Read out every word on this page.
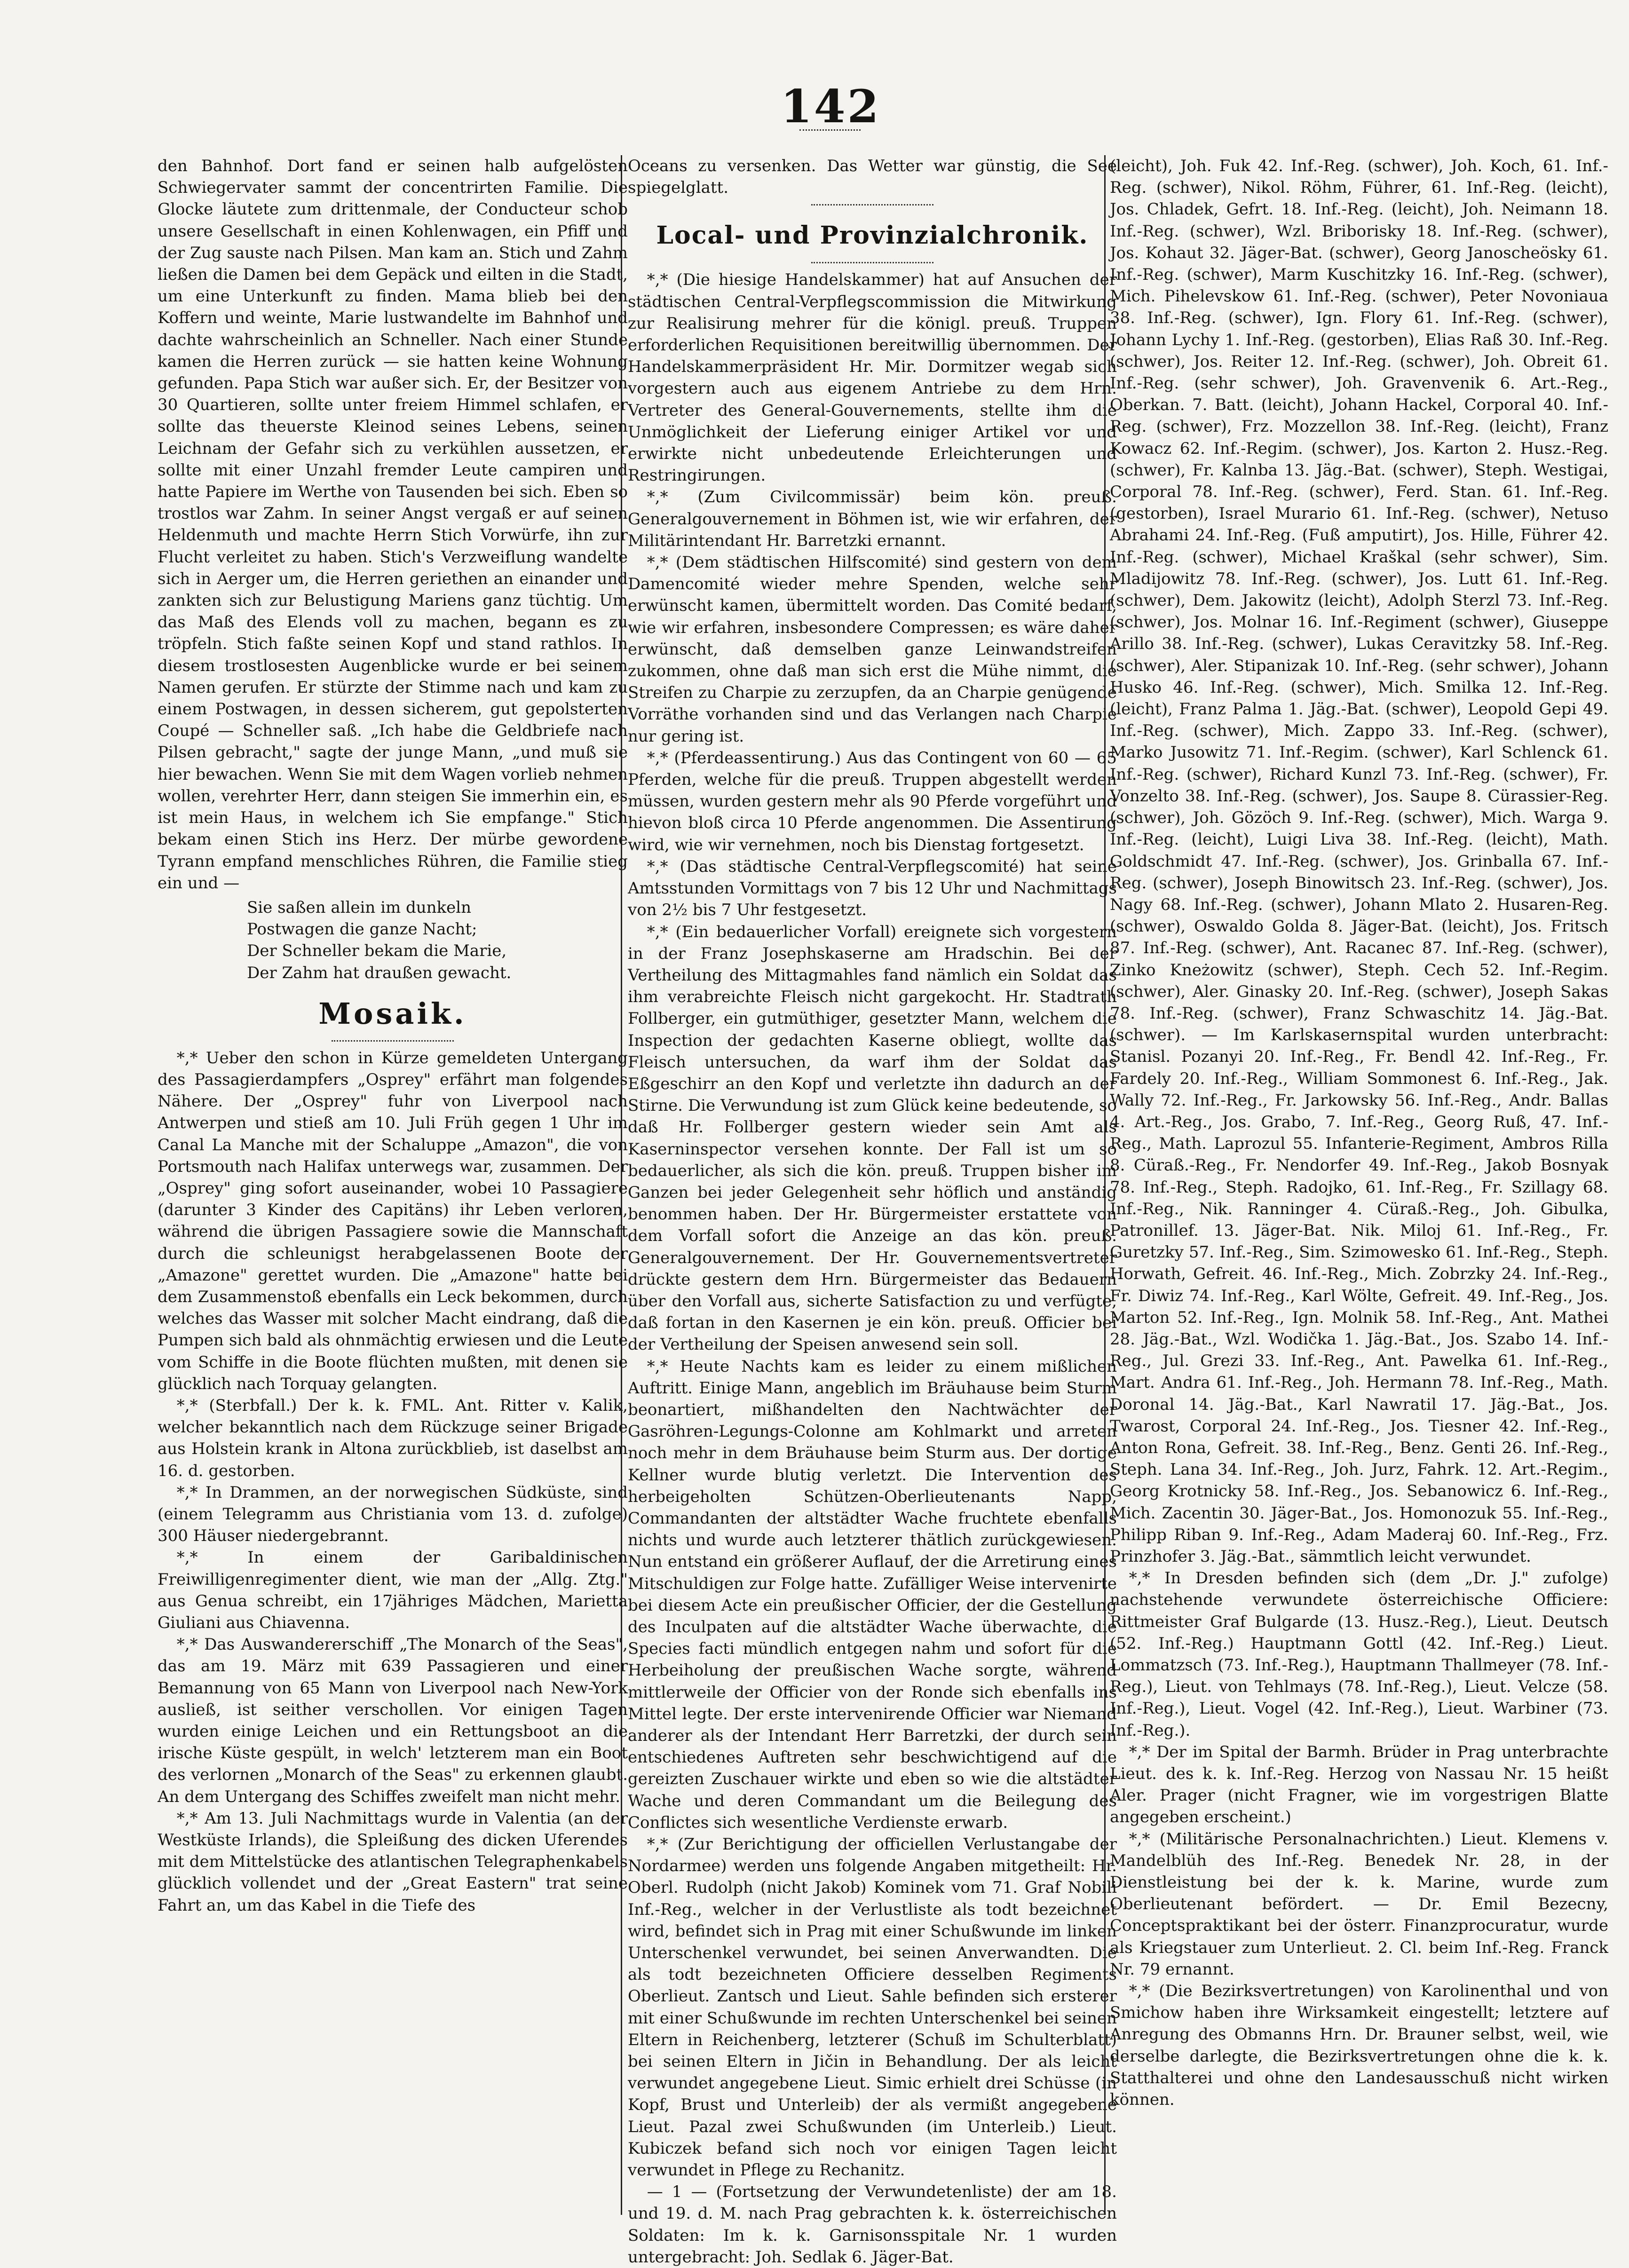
142

den Bahnhof. Dort fand er seinen halb aufgelösten Schwiegervater sammt der concentrirten Familie. Die Glocke läutete zum drittenmale, der Conducteur schob unsere Gesellschaft in einen Kohlenwagen, ein Pfiff und der Zug sauste nach Pilsen. Man kam an. Stich und Zahm ließen die Damen bei dem Gepäck und eilten in die Stadt, um eine Unterkunft zu finden. Mama blieb bei den Koffern und weinte, Marie lustwandelte im Bahnhof und dachte wahrscheinlich an Schneller. Nach einer Stunde kamen die Herren zurück — sie hatten keine Wohnung gefunden. Papa Stich war außer sich. Er, der Besitzer von 30 Quartieren, sollte unter freiem Himmel schlafen, er sollte das theuerste Kleinod seines Lebens, seinen Leichnam der Gefahr sich zu verkühlen aussetzen, er sollte mit einer Unzahl fremder Leute campiren und hatte Papiere im Werthe von Tausenden bei sich. Eben so trostlos war Zahm. In seiner Angst vergaß er auf seinen Heldenmuth und machte Herrn Stich Vorwürfe, ihn zur Flucht verleitet zu haben. Stich's Verzweiflung wandelte sich in Aerger um, die Herren geriethen an einander und zankten sich zur Belustigung Mariens ganz tüchtig. Um das Maß des Elends voll zu machen, begann es zu tröpfeln. Stich faßte seinen Kopf und stand rathlos. In diesem trostlosesten Augenblicke wurde er bei seinem Namen gerufen. Er stürzte der Stimme nach und kam zu einem Postwagen, in dessen sicherem, gut gepolsterten Coupé — Schneller saß. „Ich habe die Geldbriefe nach Pilsen gebracht," sagte der junge Mann, „und muß sie hier bewachen. Wenn Sie mit dem Wagen vorlieb nehmen wollen, verehrter Herr, dann steigen Sie immerhin ein, es ist mein Haus, in welchem ich Sie empfange." Stich bekam einen Stich ins Herz. Der mürbe gewordene Tyrann empfand menschliches Rühren, die Familie stieg ein und —

Sie saßen allein im dunkeln

Postwagen die ganze Nacht;

Der Schneller bekam die Marie,

Der Zahm hat draußen gewacht.

Mosaik.

*,* Ueber den schon in Kürze gemeldeten Untergang des Passagierdampfers „Osprey" erfährt man folgendes Nähere. Der „Osprey" fuhr von Liverpool nach Antwerpen und stieß am 10. Juli Früh gegen 1 Uhr im Canal La Manche mit der Schaluppe „Amazon", die von Portsmouth nach Halifax unterwegs war, zusammen. Der „Osprey" ging sofort auseinander, wobei 10 Passagiere (darunter 3 Kinder des Capitäns) ihr Leben verloren, während die übrigen Passagiere sowie die Mannschaft durch die schleunigst herabgelassenen Boote der „Amazone" gerettet wurden. Die „Amazone" hatte bei dem Zusammenstoß ebenfalls ein Leck bekommen, durch welches das Wasser mit solcher Macht eindrang, daß die Pumpen sich bald als ohnmächtig erwiesen und die Leute vom Schiffe in die Boote flüchten mußten, mit denen sie glücklich nach Torquay gelangten.

*,* (Sterbfall.) Der k. k. FML. Ant. Ritter v. Kalik, welcher bekanntlich nach dem Rückzuge seiner Brigade aus Holstein krank in Altona zurückblieb, ist daselbst am 16. d. gestorben.

*,* In Drammen, an der norwegischen Südküste, sind (einem Telegramm aus Christiania vom 13. d. zufolge) 300 Häuser niedergebrannt.

*,* In einem der Garibaldinischen Freiwilligenregimenter dient, wie man der „Allg. Ztg." aus Genua schreibt, ein 17jähriges Mädchen, Marietta Giuliani aus Chiavenna.

*,* Das Auswandererschiff „The Monarch of the Seas", das am 19. März mit 639 Passagieren und einer Bemannung von 65 Mann von Liverpool nach New-York ausließ, ist seither verschollen. Vor einigen Tagen wurden einige Leichen und ein Rettungsboot an die irische Küste gespült, in welch' letzterem man ein Boot des verlornen „Monarch of the Seas" zu erkennen glaubt. An dem Untergang des Schiffes zweifelt man nicht mehr.

*,* Am 13. Juli Nachmittags wurde in Valentia (an der Westküste Irlands), die Spleißung des dicken Uferendes mit dem Mittelstücke des atlantischen Telegraphenkabels glücklich vollendet und der „Great Eastern" trat seine Fahrt an, um das Kabel in die Tiefe des

Oceans zu versenken. Das Wetter war günstig, die See spiegelglatt.

Local- und Provinzialchronik.

*,* (Die hiesige Handelskammer) hat auf Ansuchen der städtischen Central-Verpflegscommission die Mitwirkung zur Realisirung mehrer für die königl. preuß. Truppen erforderlichen Requisitionen bereitwillig übernommen. Der Handelskammerpräsident Hr. Mir. Dormitzer wegab sich vorgestern auch aus eigenem Antriebe zu dem Hrn. Vertreter des General-Gouvernements, stellte ihm die Unmöglichkeit der Lieferung einiger Artikel vor und erwirkte nicht unbedeutende Erleichterungen und Restringirungen.

*,* (Zum Civilcommissär) beim kön. preuß. Generalgouvernement in Böhmen ist, wie wir erfahren, der Militärintendant Hr. Barretzki ernannt.

*,* (Dem städtischen Hilfscomité) sind gestern von dem Damencomité wieder mehre Spenden, welche sehr erwünscht kamen, übermittelt worden. Das Comité bedarf, wie wir erfahren, insbesondere Compressen; es wäre daher erwünscht, daß demselben ganze Leinwandstreifen zukommen, ohne daß man sich erst die Mühe nimmt, die Streifen zu Charpie zu zerzupfen, da an Charpie genügende Vorräthe vorhanden sind und das Verlangen nach Charpie nur gering ist.

*,* (Pferdeassentirung.) Aus das Contingent von 60 — 65 Pferden, welche für die preuß. Truppen abgestellt werden müssen, wurden gestern mehr als 90 Pferde vorgeführt und hievon bloß circa 10 Pferde angenommen. Die Assentirung wird, wie wir vernehmen, noch bis Dienstag fortgesetzt.

*,* (Das städtische Central-Verpflegscomité) hat seine Amtsstunden Vormittags von 7 bis 12 Uhr und Nachmittags von 2½ bis 7 Uhr festgesetzt.

*,* (Ein bedauerlicher Vorfall) ereignete sich vorgestern in der Franz Josephskaserne am Hradschin. Bei der Vertheilung des Mittagmahles fand nämlich ein Soldat das ihm verabreichte Fleisch nicht gargekocht. Hr. Stadtrath Follberger, ein gutmüthiger, gesetzter Mann, welchem die Inspection der gedachten Kaserne obliegt, wollte das Fleisch untersuchen, da warf ihm der Soldat das Eßgeschirr an den Kopf und verletzte ihn dadurch an der Stirne. Die Verwundung ist zum Glück keine bedeutende, so daß Hr. Follberger gestern wieder sein Amt als Kaserninspector versehen konnte. Der Fall ist um so bedauerlicher, als sich die kön. preuß. Truppen bisher im Ganzen bei jeder Gelegenheit sehr höflich und anständig benommen haben. Der Hr. Bürgermeister erstattete von dem Vorfall sofort die Anzeige an das kön. preuß. Generalgouvernement. Der Hr. Gouvernementsvertreter drückte gestern dem Hrn. Bürgermeister das Bedauern über den Vorfall aus, sicherte Satisfaction zu und verfügte, daß fortan in den Kasernen je ein kön. preuß. Officier bei der Vertheilung der Speisen anwesend sein soll.

*,* Heute Nachts kam es leider zu einem mißlichen Auftritt. Einige Mann, angeblich im Bräuhause beim Sturm beonartiert, mißhandelten den Nachtwächter der Gasröhren-Legungs-Colonne am Kohlmarkt und arreten noch mehr in dem Bräuhause beim Sturm aus. Der dortige Kellner wurde blutig verletzt. Die Intervention des herbeigeholten Schützen-Oberlieutenants Napp, Commandanten der altstädter Wache fruchtete ebenfalls nichts und wurde auch letzterer thätlich zurückgewiesen. Nun entstand ein größerer Auflauf, der die Arretirung eines Mitschuldigen zur Folge hatte. Zufälliger Weise intervenirte bei diesem Acte ein preußischer Officier, der die Gestellung des Inculpaten auf die altstädter Wache überwachte, die Species facti mündlich entgegen nahm und sofort für die Herbeiholung der preußischen Wache sorgte, während mittlerweile der Officier von der Ronde sich ebenfalls ins Mittel legte. Der erste intervenirende Officier war Niemand anderer als der Intendant Herr Barretzki, der durch sein entschiedenes Auftreten sehr beschwichtigend auf die gereizten Zuschauer wirkte und eben so wie die altstädter Wache und deren Commandant um die Beilegung des Conflictes sich wesentliche Verdienste erwarb.

*,* (Zur Berichtigung der officiellen Verlustangabe der Nordarmee) werden uns folgende Angaben mitgetheilt: Hr. Oberl. Rudolph (nicht Jakob) Kominek vom 71. Graf Nobili Inf.-Reg., welcher in der Verlustliste als todt bezeichnet wird, befindet sich in Prag mit einer Schußwunde im linken Unterschenkel verwundet, bei seinen Anverwandten. Die als todt bezeichneten Officiere desselben Regiments Oberlieut. Zantsch und Lieut. Sahle befinden sich ersterer mit einer Schußwunde im rechten Unterschenkel bei seinen Eltern in Reichenberg, letzterer (Schuß im Schulterblatt) bei seinen Eltern in Jičin in Behandlung. Der als leicht verwundet angegebene Lieut. Simic erhielt drei Schüsse (in Kopf, Brust und Unterleib) der als vermißt angegebene Lieut. Pazal zwei Schußwunden (im Unterleib.) Lieut. Kubiczek befand sich noch vor einigen Tagen leicht verwundet in Pflege zu Rechanitz.

— 1 — (Fortsetzung der Verwundetenliste) der am 18. und 19. d. M. nach Prag gebrachten k. k. österreichischen Soldaten: Im k. k. Garnisonsspitale Nr. 1 wurden untergebracht: Joh. Sedlak 6. Jäger-Bat.

(leicht), Joh. Fuk 42. Inf.-Reg. (schwer), Joh. Koch, 61. Inf.-Reg. (schwer), Nikol. Röhm, Führer, 61. Inf.-Reg. (leicht), Jos. Chladek, Gefrt. 18. Inf.-Reg. (leicht), Joh. Neimann 18. Inf.-Reg. (schwer), Wzl. Briborisky 18. Inf.-Reg. (schwer), Jos. Kohaut 32. Jäger-Bat. (schwer), Georg Janoscheösky 61. Inf.-Reg. (schwer), Marm Kuschitzky 16. Inf.-Reg. (schwer), Mich. Pihelevskow 61. Inf.-Reg. (schwer), Peter Novoniaua 38. Inf.-Reg. (schwer), Ign. Flory 61. Inf.-Reg. (schwer), Johann Lychy 1. Inf.-Reg. (gestorben), Elias Raß 30. Inf.-Reg. (schwer), Jos. Reiter 12. Inf.-Reg. (schwer), Joh. Obreit 61. Inf.-Reg. (sehr schwer), Joh. Gravenvenik 6. Art.-Reg., Oberkan. 7. Batt. (leicht), Johann Hackel, Corporal 40. Inf.-Reg. (schwer), Frz. Mozzellon 38. Inf.-Reg. (leicht), Franz Kowacz 62. Inf.-Regim. (schwer), Jos. Karton 2. Husz.-Reg. (schwer), Fr. Kalnba 13. Jäg.-Bat. (schwer), Steph. Westigai, Corporal 78. Inf.-Reg. (schwer), Ferd. Stan. 61. Inf.-Reg. (gestorben), Israel Murario 61. Inf.-Reg. (schwer), Netuso Abrahami 24. Inf.-Reg. (Fuß amputirt), Jos. Hille, Führer 42. Inf.-Reg. (schwer), Michael Kraškal (sehr schwer), Sim. Mladijowitz 78. Inf.-Reg. (schwer), Jos. Lutt 61. Inf.-Reg. (schwer), Dem. Jakowitz (leicht), Adolph Sterzl 73. Inf.-Reg. (schwer), Jos. Molnar 16. Inf.-Regiment (schwer), Giuseppe Arillo 38. Inf.-Reg. (schwer), Lukas Ceravitzky 58. Inf.-Reg. (schwer), Aler. Stipanizak 10. Inf.-Reg. (sehr schwer), Johann Husko 46. Inf.-Reg. (schwer), Mich. Smilka 12. Inf.-Reg. (leicht), Franz Palma 1. Jäg.-Bat. (schwer), Leopold Gepi 49. Inf.-Reg. (schwer), Mich. Zappo 33. Inf.-Reg. (schwer), Marko Jusowitz 71. Inf.-Regim. (schwer), Karl Schlenck 61. Inf.-Reg. (schwer), Richard Kunzl 73. Inf.-Reg. (schwer), Fr. Vonzelto 38. Inf.-Reg. (schwer), Jos. Saupe 8. Cürassier-Reg. (schwer), Joh. Gözöch 9. Inf.-Reg. (schwer), Mich. Warga 9. Inf.-Reg. (leicht), Luigi Liva 38. Inf.-Reg. (leicht), Math. Goldschmidt 47. Inf.-Reg. (schwer), Jos. Grinballa 67. Inf.-Reg. (schwer), Joseph Binowitsch 23. Inf.-Reg. (schwer), Jos. Nagy 68. Inf.-Reg. (schwer), Johann Mlato 2. Husaren-Reg. (schwer), Oswaldo Golda 8. Jäger-Bat. (leicht), Jos. Fritsch 87. Inf.-Reg. (schwer), Ant. Racanec 87. Inf.-Reg. (schwer), Zinko Kneżowitz (schwer), Steph. Cech 52. Inf.-Regim. (schwer), Aler. Ginasky 20. Inf.-Reg. (schwer), Joseph Sakas 78. Inf.-Reg. (schwer), Franz Schwaschitz 14. Jäg.-Bat. (schwer). — Im Karlskasernspital wurden unterbracht: Stanisl. Pozanyi 20. Inf.-Reg., Fr. Bendl 42. Inf.-Reg., Fr. Fardely 20. Inf.-Reg., William Sommonest 6. Inf.-Reg., Jak. Wally 72. Inf.-Reg., Fr. Jarkowsky 56. Inf.-Reg., Andr. Ballas 4. Art.-Reg., Jos. Grabo, 7. Inf.-Reg., Georg Ruß, 47. Inf.-Reg., Math. Laprozul 55. Infanterie-Regiment, Ambros Rilla 8. Cüraß.-Reg., Fr. Nendorfer 49. Inf.-Reg., Jakob Bosnyak 78. Inf.-Reg., Steph. Radojko, 61. Inf.-Reg., Fr. Szillagy 68. Inf.-Reg., Nik. Ranninger 4. Cüraß.-Reg., Joh. Gibulka, Patronillef. 13. Jäger-Bat. Nik. Miloj 61. Inf.-Reg., Fr. Guretzky 57. Inf.-Reg., Sim. Szimowesko 61. Inf.-Reg., Steph. Horwath, Gefreit. 46. Inf.-Reg., Mich. Zobrzky 24. Inf.-Reg., Fr. Diwiz 74. Inf.-Reg., Karl Wölte, Gefreit. 49. Inf.-Reg., Jos. Marton 52. Inf.-Reg., Ign. Molnik 58. Inf.-Reg., Ant. Mathei 28. Jäg.-Bat., Wzl. Wodička 1. Jäg.-Bat., Jos. Szabo 14. Inf.-Reg., Jul. Grezi 33. Inf.-Reg., Ant. Pawelka 61. Inf.-Reg., Mart. Andra 61. Inf.-Reg., Joh. Hermann 78. Inf.-Reg., Math. Doronal 14. Jäg.-Bat., Karl Nawratil 17. Jäg.-Bat., Jos. Twarost, Corporal 24. Inf.-Reg., Jos. Tiesner 42. Inf.-Reg., Anton Rona, Gefreit. 38. Inf.-Reg., Benz. Genti 26. Inf.-Reg., Steph. Lana 34. Inf.-Reg., Joh. Jurz, Fahrk. 12. Art.-Regim., Georg Krotnicky 58. Inf.-Reg., Jos. Sebanowicz 6. Inf.-Reg., Mich. Zacentin 30. Jäger-Bat., Jos. Homonozuk 55. Inf.-Reg., Philipp Riban 9. Inf.-Reg., Adam Maderaj 60. Inf.-Reg., Frz. Prinzhofer 3. Jäg.-Bat., sämmtlich leicht verwundet.

*,* In Dresden befinden sich (dem „Dr. J." zufolge) nachstehende verwundete österreichische Officiere: Rittmeister Graf Bulgarde (13. Husz.-Reg.), Lieut. Deutsch (52. Inf.-Reg.) Hauptmann Gottl (42. Inf.-Reg.) Lieut. Lommatzsch (73. Inf.-Reg.), Hauptmann Thallmeyer (78. Inf.-Reg.), Lieut. von Tehlmays (78. Inf.-Reg.), Lieut. Velcze (58. Inf.-Reg.), Lieut. Vogel (42. Inf.-Reg.), Lieut. Warbiner (73. Inf.-Reg.).

*,* Der im Spital der Barmh. Brüder in Prag unterbrachte Lieut. des k. k. Inf.-Reg. Herzog von Nassau Nr. 15 heißt Aler. Prager (nicht Fragner, wie im vorgestrigen Blatte angegeben erscheint.)

*,* (Militärische Personalnachrichten.) Lieut. Klemens v. Mandelblüh des Inf.-Reg. Benedek Nr. 28, in der Dienstleistung bei der k. k. Marine, wurde zum Oberlieutenant befördert. — Dr. Emil Bezecny, Conceptspraktikant bei der österr. Finanzprocuratur, wurde als Kriegstauer zum Unterlieut. 2. Cl. beim Inf.-Reg. Franck Nr. 79 ernannt.

*,* (Die Bezirksvertretungen) von Karolinenthal und von Smichow haben ihre Wirksamkeit eingestellt; letztere auf Anregung des Obmanns Hrn. Dr. Brauner selbst, weil, wie derselbe darlegte, die Bezirksvertretungen ohne die k. k. Statthalterei und ohne den Landesausschuß nicht wirken können.
